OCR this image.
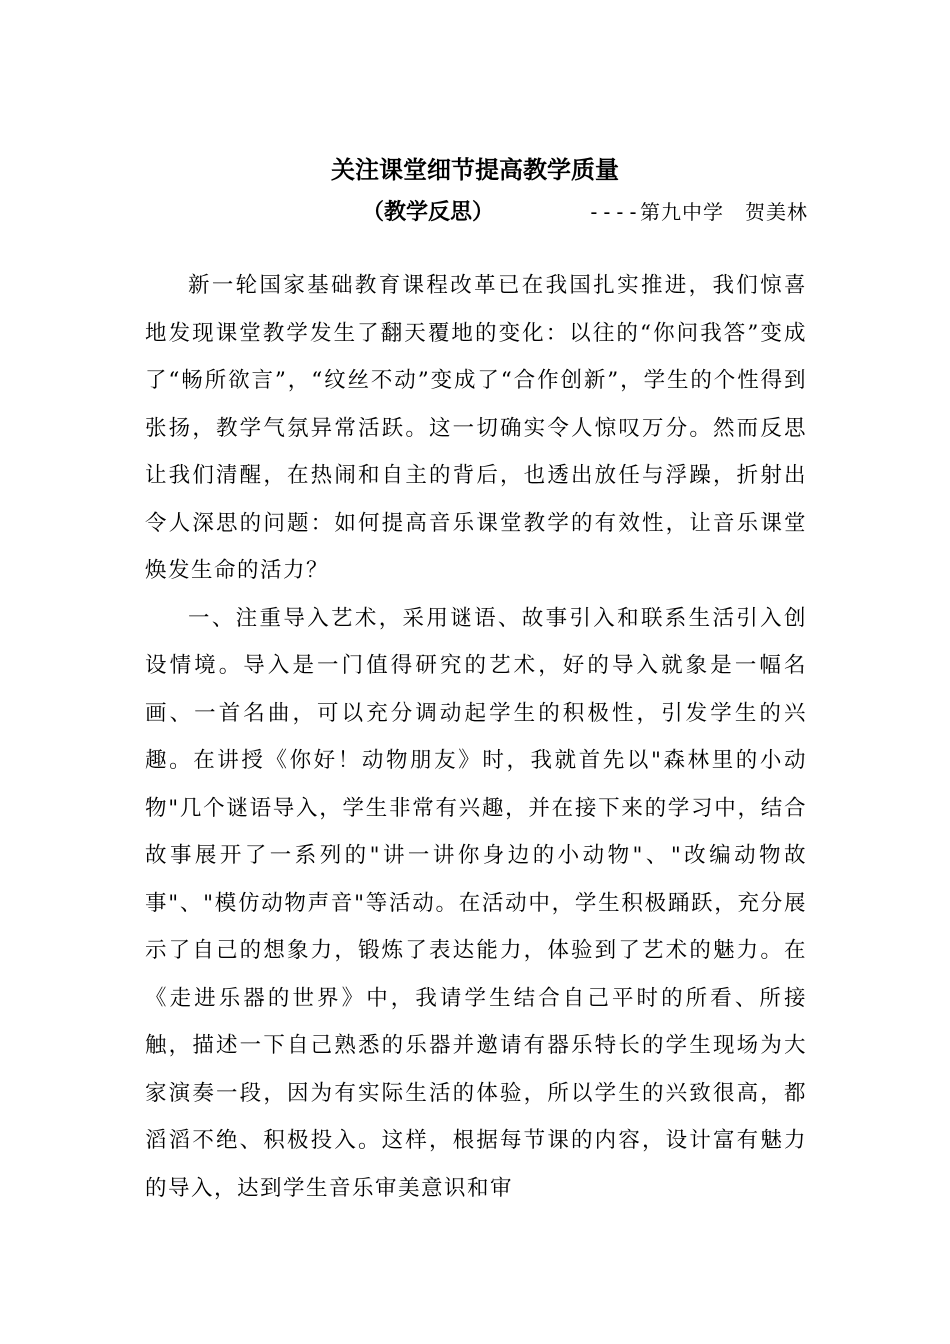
关注课堂细节提高教学质量
（教学反思）	----第九中学　贺美林

新一轮国家基础教育课程改革已在我国扎实推进，我们惊喜地发现课堂教学发生了翻天覆地的变化：以往的“你问我答”变成了“畅所欲言”，“纹丝不动”变成了“合作创新”，学生的个性得到张扬，教学气氛异常活跃。这一切确实令人惊叹万分。然而反思让我们清醒，在热闹和自主的背后，也透出放任与浮躁，折射出令人深思的问题：如何提高音乐课堂教学的有效性，让音乐课堂焕发生命的活力？

一、注重导入艺术，采用谜语、故事引入和联系生活引入创设情境。导入是一门值得研究的艺术，好的导入就象是一幅名画、一首名曲，可以充分调动起学生的积极性，引发学生的兴趣。在讲授《你好！动物朋友》时，我就首先以"森林里的小动物"几个谜语导入，学生非常有兴趣，并在接下来的学习中，结合故事展开了一系列的"讲一讲你身边的小动物"、"改编动物故事"、"模仿动物声音"等活动。在活动中，学生积极踊跃，充分展示了自己的想象力，锻炼了表达能力，体验到了艺术的魅力。在《走进乐器的世界》中，我请学生结合自己平时的所看、所接触，描述一下自己熟悉的乐器并邀请有器乐特长的学生现场为大家演奏一段，因为有实际生活的体验，所以学生的兴致很高，都滔滔不绝、积极投入。这样，根据每节课的内容，设计富有魅力的导入，达到学生音乐审美意识和审
